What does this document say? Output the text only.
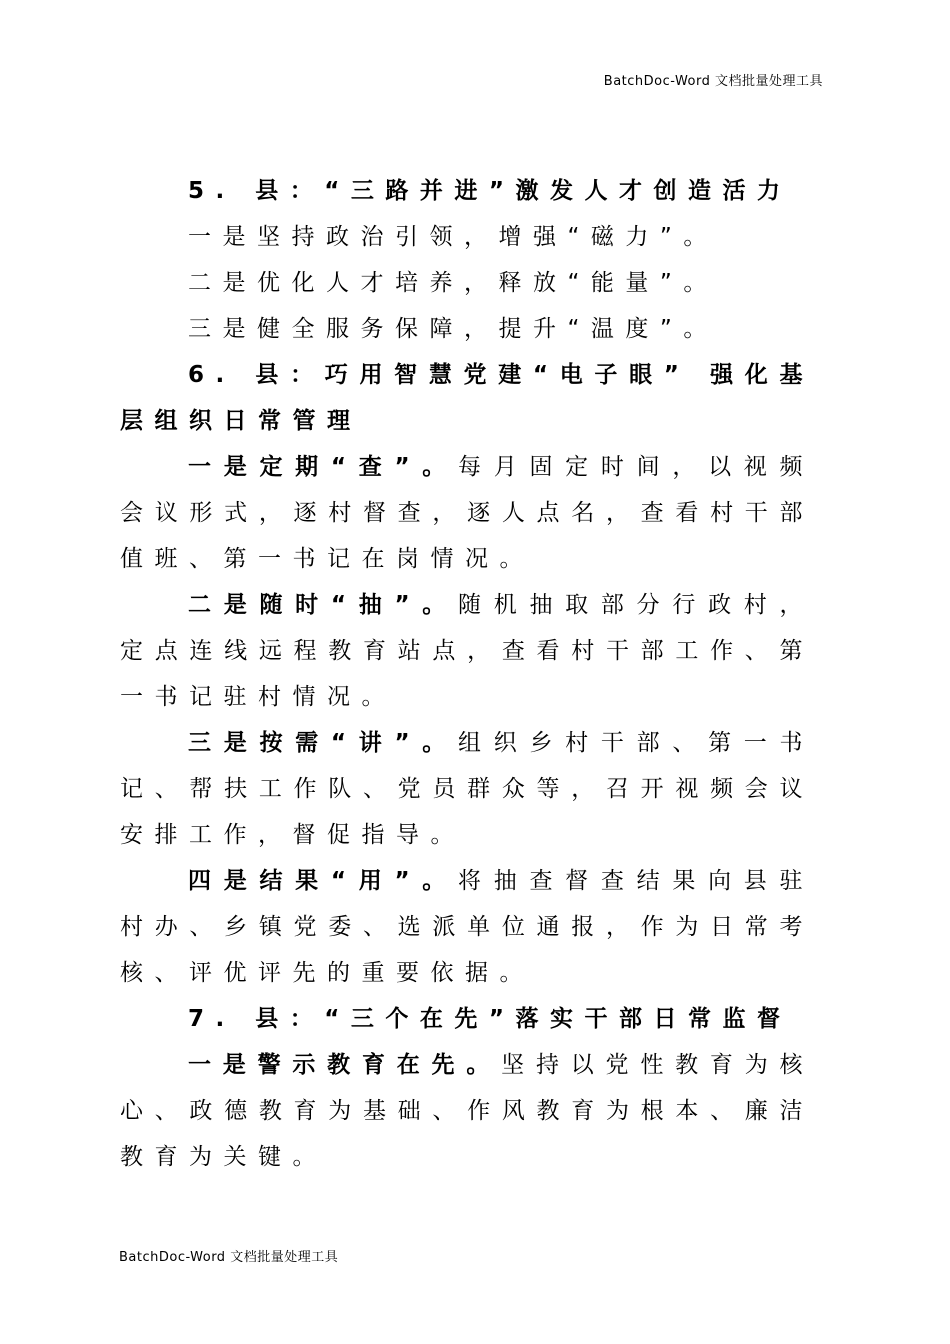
BatchDoc-Word 文档批量处理工具

5. 县：“三路并进”激发人才创造活力

一是坚持政治引领，增强“磁力”。

二是优化人才培养，释放“能量”。

三是健全服务保障，提升“温度”。

6. 县：巧用智慧党建“电子眼” 强化基层组织日常管理

一是定期“查”。每月固定时间，以视频会议形式，逐村督查，逐人点名，查看村干部值班、第一书记在岗情况。

二是随时“抽”。随机抽取部分行政村，定点连线远程教育站点，查看村干部工作、第一书记驻村情况。

三是按需“讲”。组织乡村干部、第一书记、帮扶工作队、党员群众等，召开视频会议安排工作，督促指导。

四是结果“用”。将抽查督查结果向县驻村办、乡镇党委、选派单位通报，作为日常考核、评优评先的重要依据。

7. 县：“三个在先”落实干部日常监督

一是警示教育在先。坚持以党性教育为核心、政德教育为基础、作风教育为根本、廉洁教育为关键。

BatchDoc-Word 文档批量处理工具
